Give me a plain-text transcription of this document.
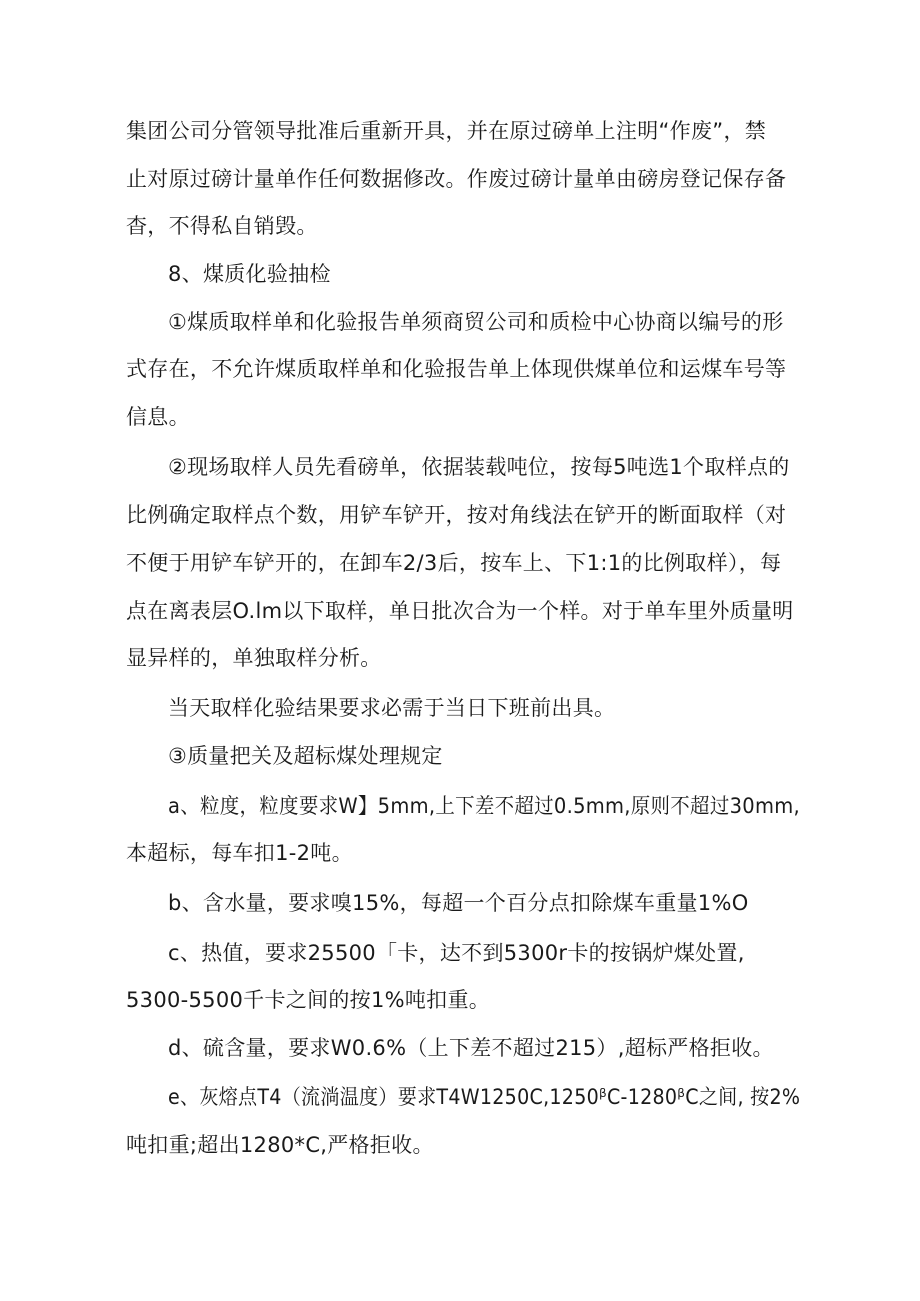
集团公司分管领导批准后重新开具，并在原过磅单上注明“作废”，禁
止对原过磅计量单作任何数据修改。作废过磅计量单由磅房登记保存备
杳，不得私自销毁。
8、煤质化验抽检
①煤质取样单和化验报告单须商贸公司和质检中心协商以编号的形
式存在，不允许煤质取样单和化验报告单上体现供煤单位和运煤车号等
信息。
②现场取样人员先看磅单，依据装载吨位，按每5吨选1个取样点的
比例确定取样点个数，用铲车铲开，按对角线法在铲开的断面取样（对
不便于用铲车铲开的，在卸车2/3后，按车上、下1:1的比例取样），每
点在离表层O.lm以下取样，单日批次合为一个样。对于单车里外质量明
显异样的，单独取样分析。
当天取样化验结果要求必需于当日下班前出具。
③质量把关及超标煤处理规定
a、粒度，粒度要求W】5mm,上下差不超过0.5mm,原则不超过30mm,
本超标，每车扣1-2吨。
b、含水量，要求嗅15%，每超一个百分点扣除煤车重量1%O
c、热值，要求25500「卡，达不到5300r卡的按锅炉煤处置,
5300-5500千卡之间的按1%吨扣重。
d、硫含量，要求W0.6%（上下差不超过215）,超标严格拒收。
e、灰熔点T4（流淌温度）要求T4W1250C,1250ᵝC-1280ᵝC之间, 按2%
吨扣重;超出1280*C,严格拒收。
